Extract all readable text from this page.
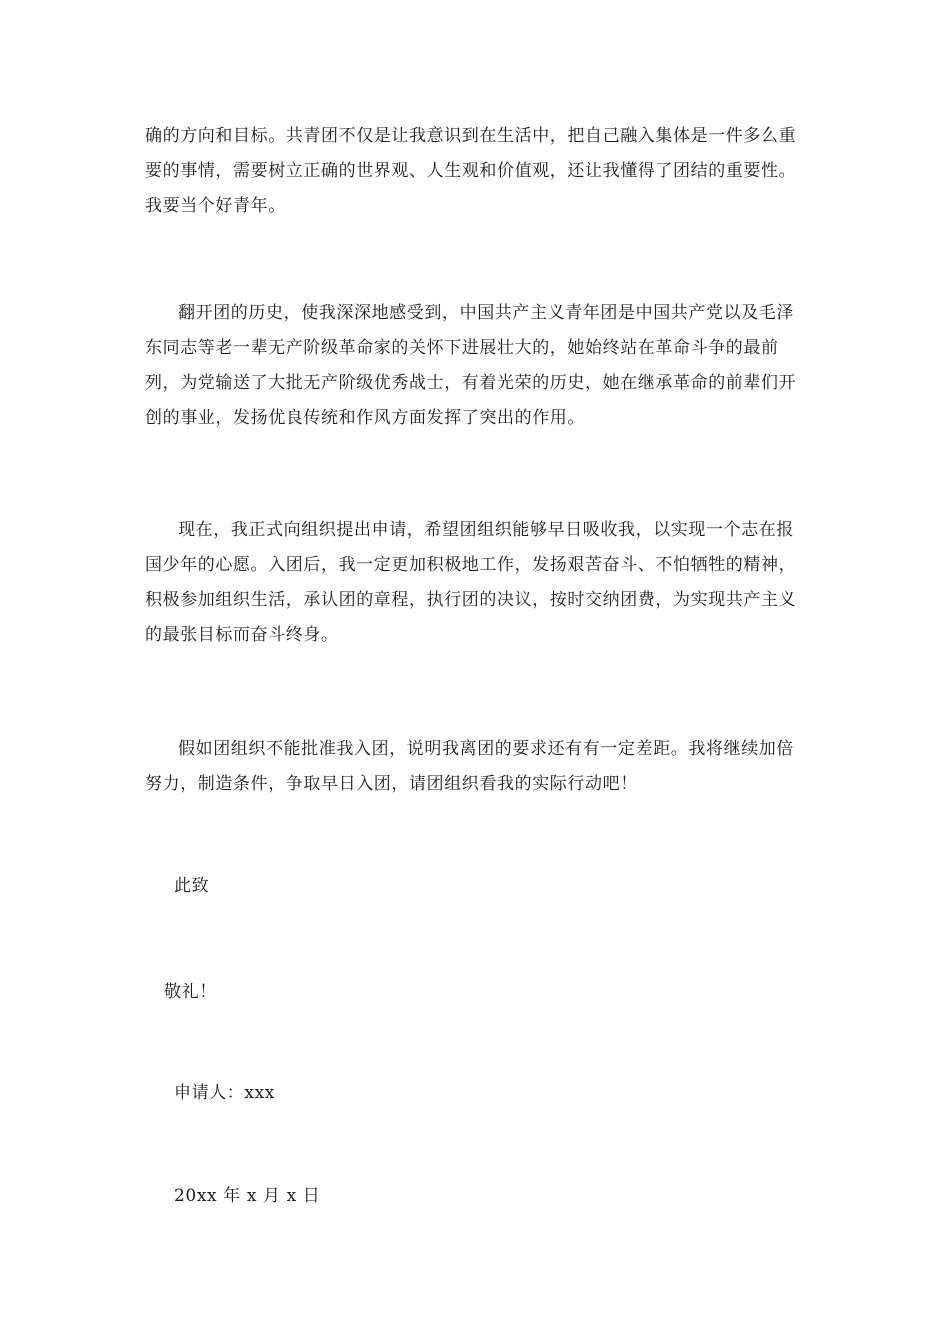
确的方向和目标。共青团不仅是让我意识到在生活中，把自己融入集体是一件多么重要的事情，需要树立正确的世界观、人生观和价值观，还让我懂得了团结的重要性。我要当个好青年。

翻开团的历史，使我深深地感受到，中国共产主义青年团是中国共产党以及毛泽东同志等老一辈无产阶级革命家的关怀下进展壮大的，她始终站在革命斗争的最前列，为党输送了大批无产阶级优秀战士，有着光荣的历史，她在继承革命的前辈们开创的事业，发扬优良传统和作风方面发挥了突出的作用。

现在，我正式向组织提出申请，希望团组织能够早日吸收我，以实现一个志在报国少年的心愿。入团后，我一定更加积极地工作，发扬艰苦奋斗、不怕牺牲的精神，积极参加组织生活，承认团的章程，执行团的决议，按时交纳团费，为实现共产主义的最张目标而奋斗终身。

假如团组织不能批准我入团，说明我离团的要求还有有一定差距。我将继续加倍努力，制造条件，争取早日入团，请团组织看我的实际行动吧！

此致

敬礼！

申请人：xxx

20xx 年 x 月 x 日
